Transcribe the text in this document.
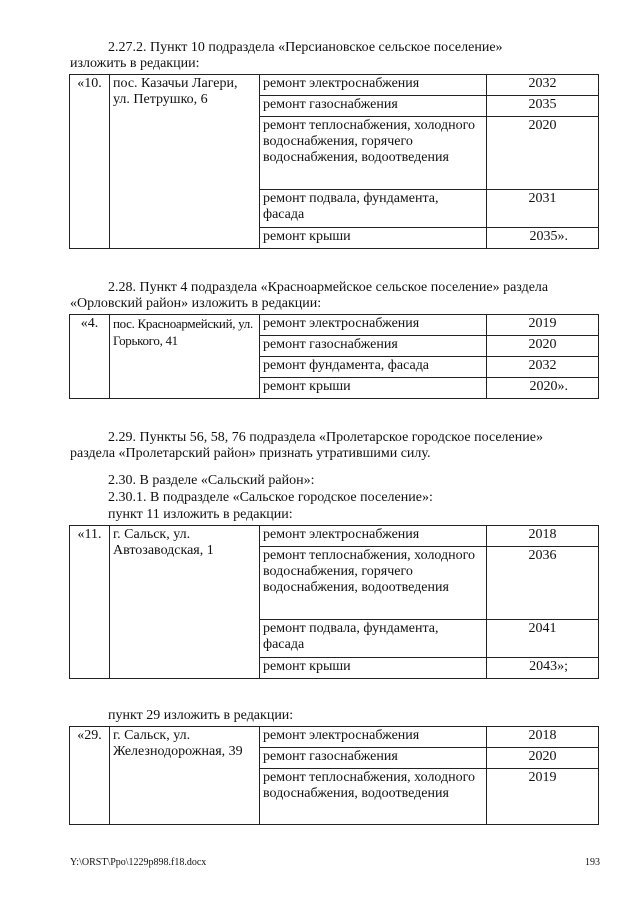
2.27.2. Пункт 10 подраздела «Персиановское сельское поселение»

изложить в редакции:

«10.	пос. Казачьи Лагери, ул. Петрушко, 6	ремонт электроснабжения	2032
		ремонт газоснабжения	2035
		ремонт теплоснабжения, холодного водоснабжения, горячего водоснабжения, водоотведения	2020
		ремонт подвала, фундамента, фасада	2031
		ремонт крыши	2035».

2.28. Пункт 4 подраздела «Красноармейское сельское поселение» раздела

«Орловский район» изложить в редакции:

«4.	пос. Красноармейский, ул. Горького, 41	ремонт электроснабжения	2019
		ремонт газоснабжения	2020
		ремонт фундамента, фасада	2032
		ремонт крыши	2020».

2.29. Пункты 56, 58, 76 подраздела «Пролетарское городское поселение»

раздела «Пролетарский район» признать утратившими силу.

2.30. В разделе «Сальский район»:

2.30.1. В подразделе «Сальское городское поселение»:

пункт 11 изложить в редакции:

«11.	г. Сальск, ул. Автозаводская, 1	ремонт электроснабжения	2018
		ремонт теплоснабжения, холодного водоснабжения, горячего водоснабжения, водоотведения	2036
		ремонт подвала, фундамента, фасада	2041
		ремонт крыши	2043»;

пункт 29 изложить в редакции:

«29.	г. Сальск, ул. Железнодорожная, 39	ремонт электроснабжения	2018
		ремонт газоснабжения	2020
		ремонт теплоснабжения, холодного водоснабжения, водоотведения	2019
Y:\ORST\Ppo\1229p898.f18.docx	193
